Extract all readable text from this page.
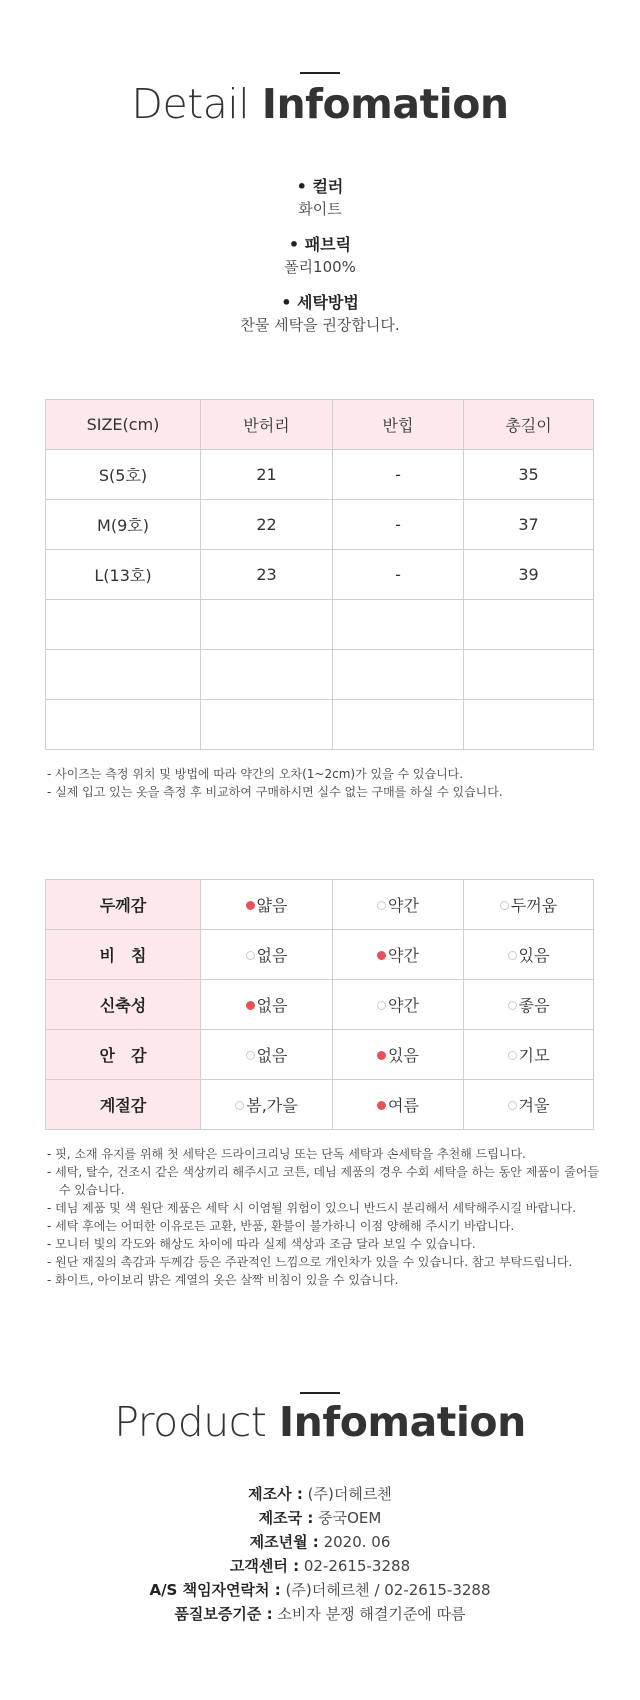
Detail Infomation
• 컬러
화이트
• 패브릭
폴리100%
• 세탁방법
찬물 세탁을 권장합니다.
SIZE(cm)	반허리	반힙	총길이
S(5호)	21	-	35
M(9호)	22	-	37
L(13호)	23	-	39

- 사이즈는 측정 위치 및 방법에 따라 약간의 오차(1~2cm)가 있을 수 있습니다.
- 실제 입고 있는 옷을 측정 후 비교하여 구매하시면 실수 없는 구매를 하실 수 있습니다.
두께감	얇음	약간	두꺼움
비　침	없음	약간	있음
신축성	없음	약간	좋음
안　감	없음	있음	기모
계절감	봄,가을	여름	겨울
- 핏, 소재 유지를 위해 첫 세탁은 드라이크리닝 또는 단독 세탁과 손세탁을 추천해 드립니다.
- 세탁, 탈수, 건조시 같은 색상끼리 해주시고 코튼, 데님 제품의 경우 수회 세탁을 하는 동안 제품이 줄어들 수 있습니다.
- 데님 제품 및 색 원단 제품은 세탁 시 이염될 위험이 있으니 반드시 분리해서 세탁해주시길 바랍니다.
- 세탁 후에는 어떠한 이유로든 교환, 반품, 환불이 불가하니 이점 양해해 주시기 바랍니다.
- 모니터 빛의 각도와 해상도 차이에 따라 실제 색상과 조금 달라 보일 수 있습니다.
- 원단 재질의 촉감과 두께감 등은 주관적인 느낌으로 개인차가 있을 수 있습니다. 참고 부탁드립니다.
- 화이트, 아이보리 밝은 계열의 옷은 살짝 비침이 있을 수 있습니다.
Product Infomation
제조사 : (주)더헤르첸
제조국 : 중국OEM
제조년월 : 2020. 06
고객센터 : 02-2615-3288
A/S 책임자연락처 : (주)더헤르첸 / 02-2615-3288
품질보증기준 : 소비자 분쟁 해결기준에 따름
